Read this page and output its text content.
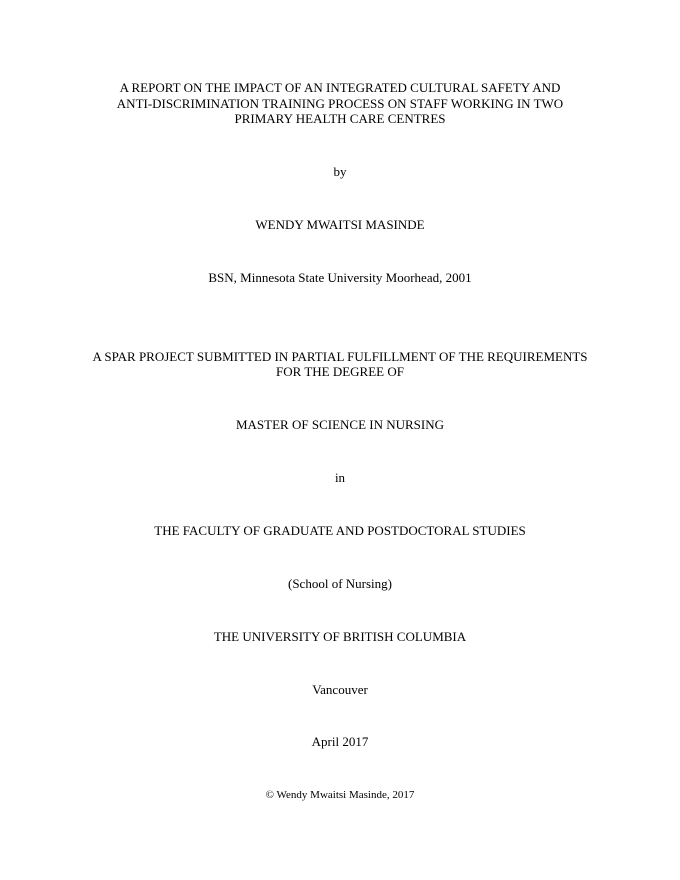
A REPORT ON THE IMPACT OF AN INTEGRATED CULTURAL SAFETY AND
ANTI-DISCRIMINATION TRAINING PROCESS ON STAFF WORKING IN TWO
PRIMARY HEALTH CARE CENTRES
by
WENDY MWAITSI MASINDE
BSN, Minnesota State University Moorhead, 2001
A SPAR PROJECT SUBMITTED IN PARTIAL FULFILLMENT OF THE REQUIREMENTS
FOR THE DEGREE OF
MASTER OF SCIENCE IN NURSING
in
THE FACULTY OF GRADUATE AND POSTDOCTORAL STUDIES
(School of Nursing)
THE UNIVERSITY OF BRITISH COLUMBIA
Vancouver
April 2017
© Wendy Mwaitsi Masinde, 2017
